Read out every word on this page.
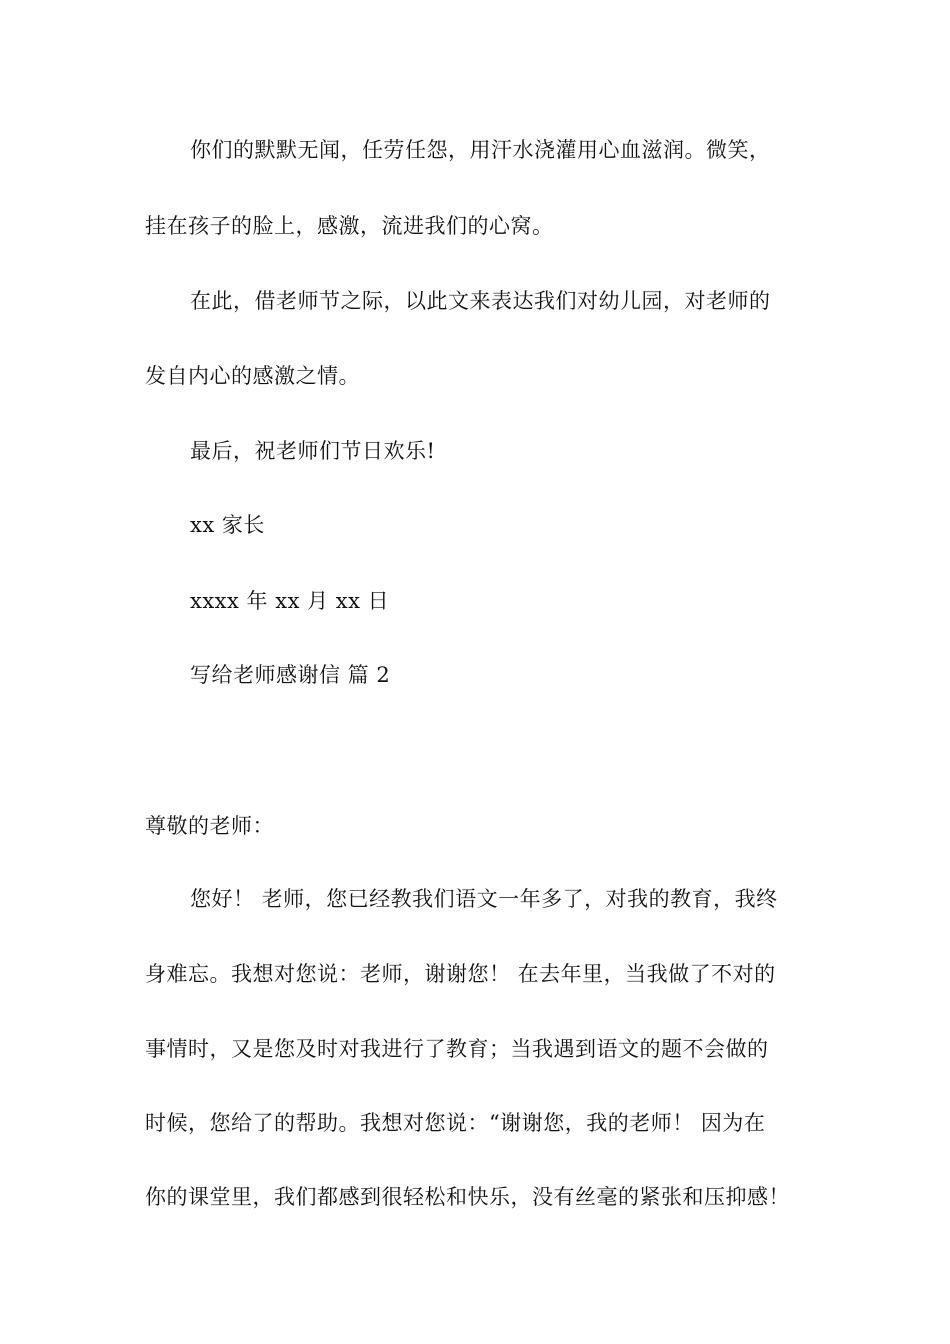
你们的默默无闻，任劳任怨，用汗水浇灌用心血滋润。微笑，
挂在孩子的脸上，感激，流进我们的心窝。
在此，借老师节之际，以此文来表达我们对幼儿园，对老师的
发自内心的感激之情。
最后，祝老师们节日欢乐!
xx 家长
xxxx 年 xx 月 xx 日
写给老师感谢信 篇 2
尊敬的老师：
您好！ 老师，您已经教我们语文一年多了，对我的教育，我终
身难忘。我想对您说：老师，谢谢您！ 在去年里，当我做了不对的
事情时，又是您及时对我进行了教育；当我遇到语文的题不会做的
时候，您给了的帮助。我想对您说：“谢谢您，我的老师！ 因为在
你的课堂里，我们都感到很轻松和快乐，没有丝毫的紧张和压抑感！
